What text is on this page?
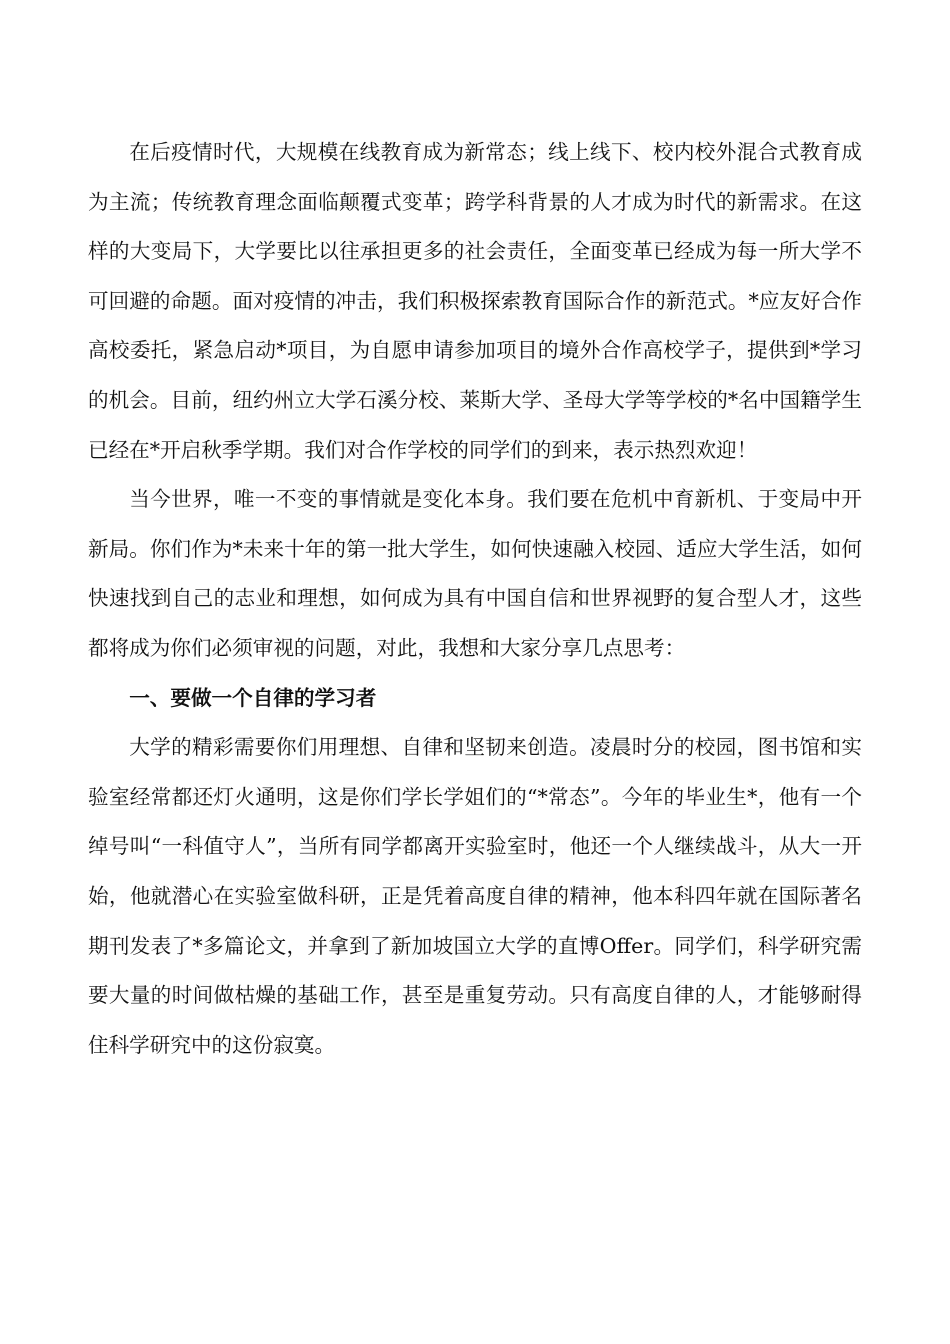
在后疫情时代，大规模在线教育成为新常态；线上线下、校内校外混合式教育成为主流；传统教育理念面临颠覆式变革；跨学科背景的人才成为时代的新需求。在这样的大变局下，大学要比以往承担更多的社会责任，全面变革已经成为每一所大学不可回避的命题。面对疫情的冲击，我们积极探索教育国际合作的新范式。*应友好合作高校委托，紧急启动*项目，为自愿申请参加项目的境外合作高校学子，提供到*学习的机会。目前，纽约州立大学石溪分校、莱斯大学、圣母大学等学校的*名中国籍学生已经在*开启秋季学期。我们对合作学校的同学们的到来，表示热烈欢迎！

当今世界，唯一不变的事情就是变化本身。我们要在危机中育新机、于变局中开新局。你们作为*未来十年的第一批大学生，如何快速融入校园、适应大学生活，如何快速找到自己的志业和理想，如何成为具有中国自信和世界视野的复合型人才，这些都将成为你们必须审视的问题，对此，我想和大家分享几点思考：

一、要做一个自律的学习者

大学的精彩需要你们用理想、自律和坚韧来创造。凌晨时分的校园，图书馆和实验室经常都还灯火通明，这是你们学长学姐们的“*常态”。今年的毕业生*，他有一个绰号叫“一科值守人”，当所有同学都离开实验室时，他还一个人继续战斗，从大一开始，他就潜心在实验室做科研，正是凭着高度自律的精神，他本科四年就在国际著名期刊发表了*多篇论文，并拿到了新加坡国立大学的直博Offer。同学们，科学研究需要大量的时间做枯燥的基础工作，甚至是重复劳动。只有高度自律的人，才能够耐得住科学研究中的这份寂寞。
